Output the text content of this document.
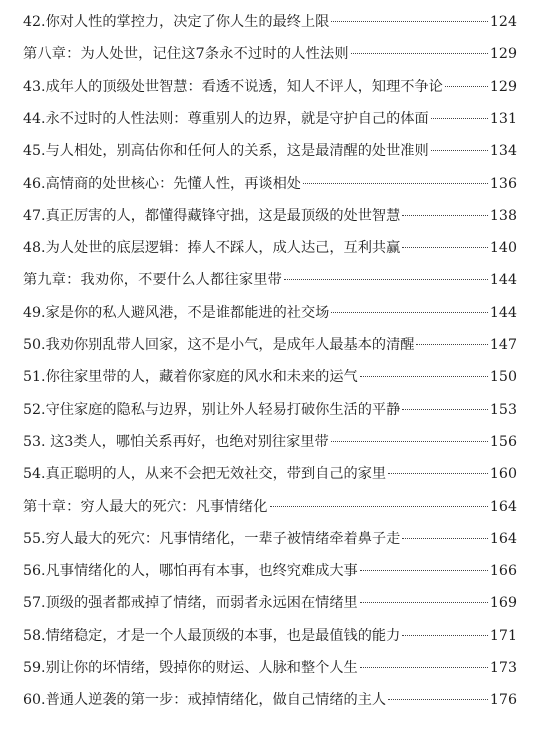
42.你对人性的掌控力，决定了你人生的最终上限	124
第八章：为人处世，记住这7条永不过时的人性法则	129
43.成年人的顶级处世智慧：看透不说透，知人不评人，知理不争论	129
44.永不过时的人性法则：尊重别人的边界，就是守护自己的体面	131
45.与人相处，别高估你和任何人的关系，这是最清醒的处世准则	134
46.高情商的处世核心：先懂人性，再谈相处	136
47.真正厉害的人，都懂得藏锋守拙，这是最顶级的处世智慧	138
48.为人处世的底层逻辑：捧人不踩人，成人达己，互利共赢	140
第九章：我劝你，不要什么人都往家里带	144
49.家是你的私人避风港，不是谁都能进的社交场	144
50.我劝你别乱带人回家，这不是小气，是成年人最基本的清醒	147
51.你往家里带的人，藏着你家庭的风水和未来的运气	150
52.守住家庭的隐私与边界，别让外人轻易打破你生活的平静	153
53. 这3类人，哪怕关系再好，也绝对别往家里带	156
54.真正聪明的人，从来不会把无效社交，带到自己的家里	160
第十章：穷人最大的死穴：凡事情绪化	164
55.穷人最大的死穴：凡事情绪化，一辈子被情绪牵着鼻子走	164
56.凡事情绪化的人，哪怕再有本事，也终究难成大事	166
57.顶级的强者都戒掉了情绪，而弱者永远困在情绪里	169
58.情绪稳定，才是一个人最顶级的本事，也是最值钱的能力	171
59.别让你的坏情绪，毁掉你的财运、人脉和整个人生	173
60.普通人逆袭的第一步：戒掉情绪化，做自己情绪的主人	176
